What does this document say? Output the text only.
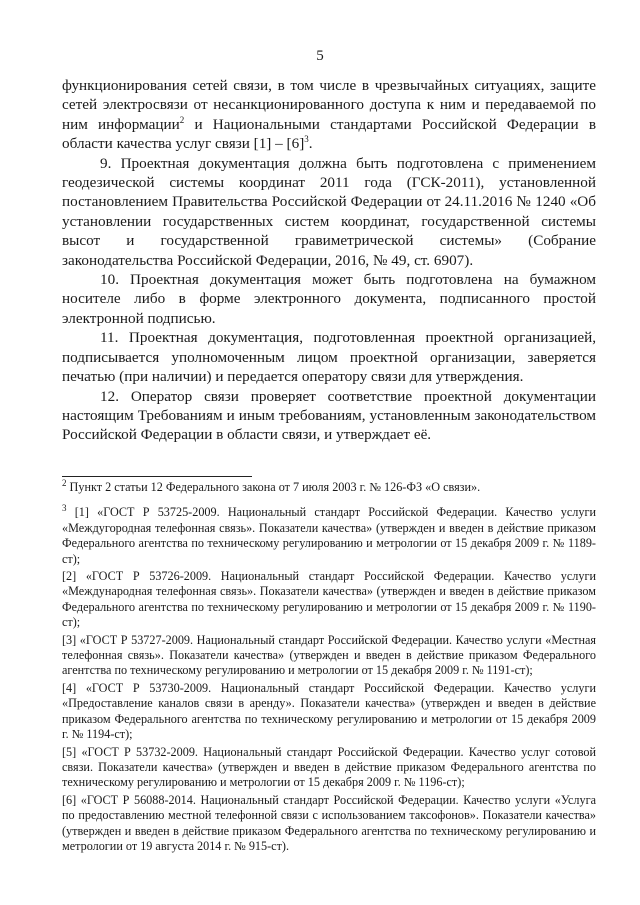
5

функционирования сетей связи, в том числе в чрезвычайных ситуациях, защите сетей электросвязи от несанкционированного доступа к ним и передаваемой по ним информации$^2$ и Национальными стандартами Российской Федерации в области качества услуг связи $[1] - [6]^3$.

9. Проектная документация должна быть подготовлена с применением геодезической системы координат 2011 года (ГСК-2011), установленной постановлением Правительства Российской Федерации от 24.11.2016 № 1240 «Об установлении государственных систем координат, государственной системы высот и государственной гравиметрической системы» (Собрание законодательства Российской Федерации, 2016, № 49, ст. 6907).

10. Проектная документация может быть подготовлена на бумажном носителе либо в форме электронного документа, подписанного простой электронной подписью.

11. Проектная документация, подготовленная проектной организацией, подписывается уполномоченным лицом проектной организации, заверяется печатью (при наличии) и передается оператору связи для утверждения.

12. Оператор связи проверяет соответствие проектной документации настоящим Требованиям и иным требованиям, установленным законодательством Российской Федерации в области связи, и утверждает её.

$^2$ Пункт 2 статьи 12 Федерального закона от 7 июля 2003 г. № 126-ФЗ «О связи».

$^3$ [1] «ГОСТ Р 53725-2009. Национальный стандарт Российской Федерации. Качество услуги «Междугородная телефонная связь». Показатели качества» (утвержден и введен в действие приказом Федерального агентства по техническому регулированию и метрологии от 15 декабря 2009 г. № 1189-ст);

[2] «ГОСТ Р 53726-2009. Национальный стандарт Российской Федерации. Качество услуги «Международная телефонная связь». Показатели качества» (утвержден и введен в действие приказом Федерального агентства по техническому регулированию и метрологии от 15 декабря 2009 г. № 1190-ст);

[3] «ГОСТ Р 53727-2009. Национальный стандарт Российской Федерации. Качество услуги «Местная телефонная связь». Показатели качества» (утвержден и введен в действие приказом Федерального агентства по техническому регулированию и метрологии от 15 декабря 2009 г. № 1191-ст);

[4] «ГОСТ Р 53730-2009. Национальный стандарт Российской Федерации. Качество услуги «Предоставление каналов связи в аренду». Показатели качества» (утвержден и введен в действие приказом Федерального агентства по техническому регулированию и метрологии от 15 декабря 2009 г. № 1194-ст);

[5] «ГОСТ Р 53732-2009. Национальный стандарт Российской Федерации. Качество услуг сотовой связи. Показатели качества» (утвержден и введен в действие приказом Федерального агентства по техническому регулированию и метрологии от 15 декабря 2009 г. № 1196-ст);

[6] «ГОСТ Р 56088-2014. Национальный стандарт Российской Федерации. Качество услуги «Услуга по предоставлению местной телефонной связи с использованием таксофонов». Показатели качества» (утвержден и введен в действие приказом Федерального агентства по техническому регулированию и метрологии от 19 августа 2014 г. № 915-ст).
